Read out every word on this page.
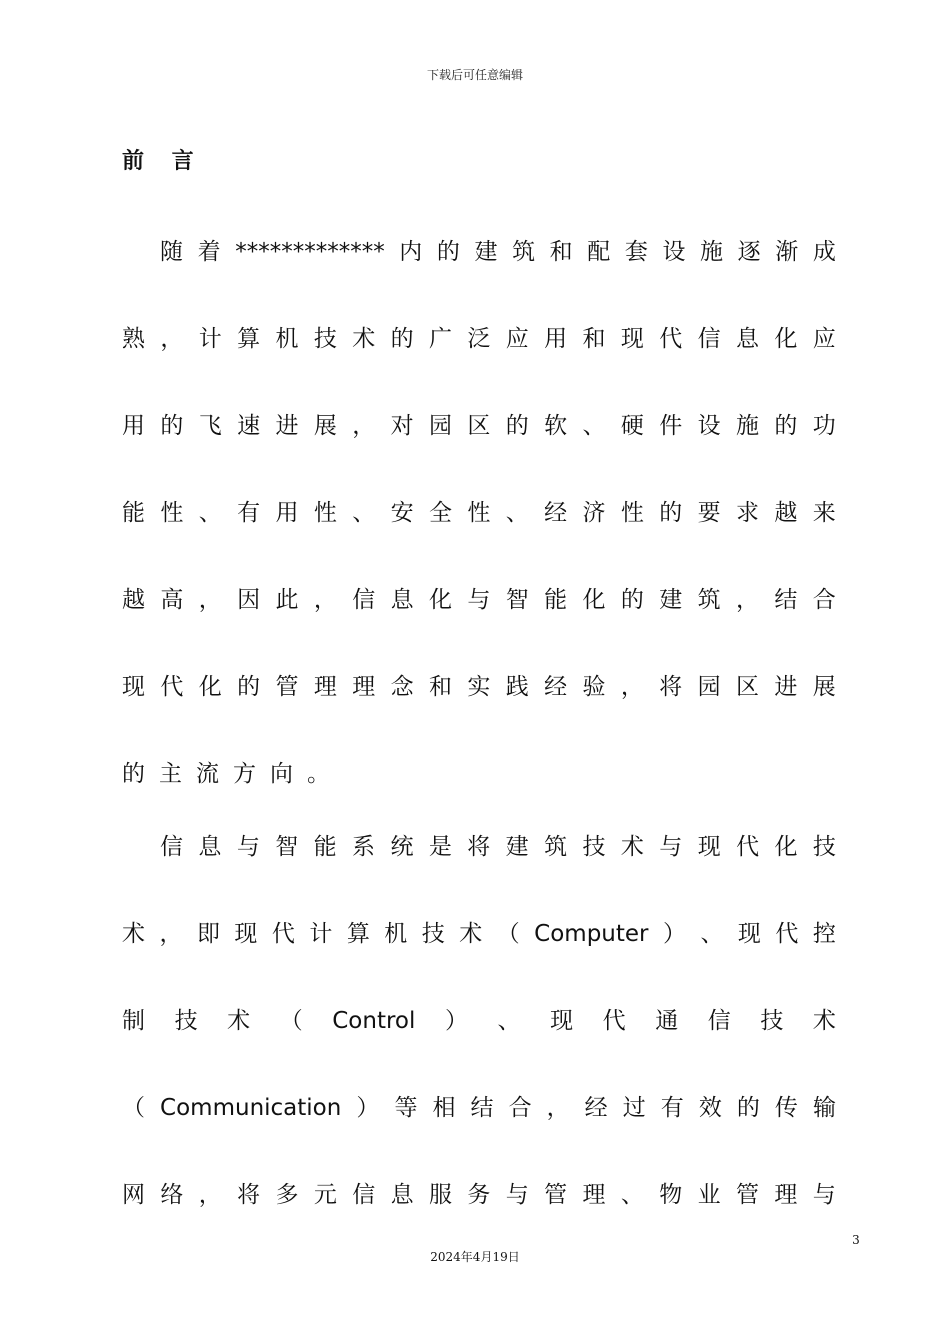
下载后可任意编辑
前 言
随 着 ************* 内 的 建 筑 和 配 套 设 施 逐 渐 成
熟 ， 计 算 机 技 术 的 广 泛 应 用 和 现 代 信 息 化 应
用 的 飞 速 进 展 ， 对 园 区 的 软 、 硬 件 设 施 的 功
能 性 、 有 用 性 、 安 全 性 、 经 济 性 的 要 求 越 来
越 高 ， 因 此 ， 信 息 化 与 智 能 化 的 建 筑 ， 结 合
现 代 化 的 管 理 理 念 和 实 践 经 验 ， 将 园 区 进 展
的 主 流 方 向 。
信 息 与 智 能 系 统 是 将 建 筑 技 术 与 现 代 化 技
术 ， 即 现 代 计 算 机 技 术 （ Computer ） 、 现 代 控
制 技 术 （ Control ） 、 现 代 通 信 技 术
（ Communication ） 等 相 结 合 ， 经 过 有 效 的 传 输
网 络 ， 将 多 元 信 息 服 务 与 管 理 、 物 业 管 理 与
3
2024年4月19日
